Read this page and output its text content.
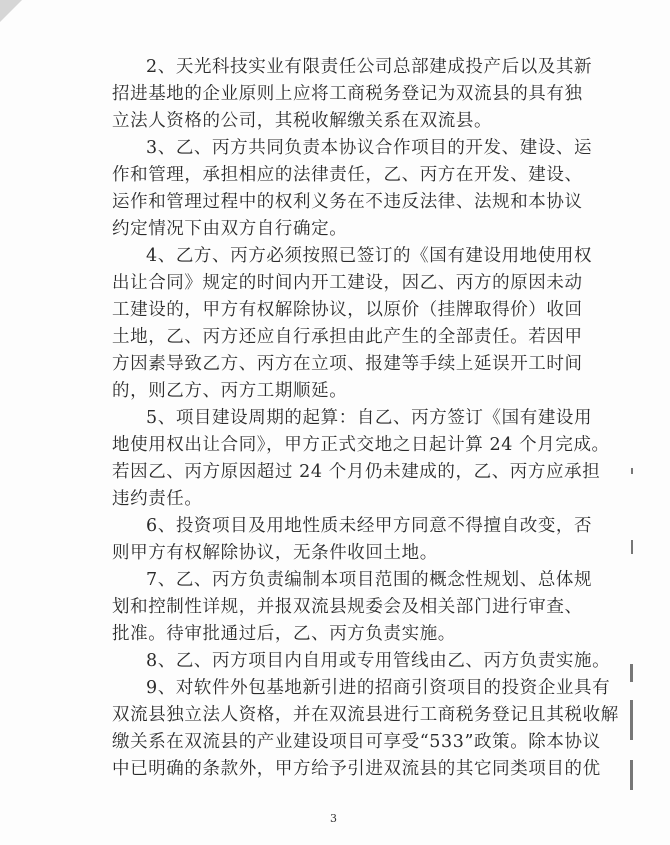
2、天光科技实业有限责任公司总部建成投产后以及其新
招进基地的企业原则上应将工商税务登记为双流县的具有独
立法人资格的公司，其税收解缴关系在双流县。
3、乙、丙方共同负责本协议合作项目的开发、建设、运
作和管理，承担相应的法律责任，乙、丙方在开发、建设、
运作和管理过程中的权利义务在不违反法律、法规和本协议
约定情况下由双方自行确定。
4、乙方、丙方必须按照已签订的《国有建设用地使用权
出让合同》规定的时间内开工建设，因乙、丙方的原因未动
工建设的，甲方有权解除协议，以原价（挂牌取得价）收回
土地，乙、丙方还应自行承担由此产生的全部责任。若因甲
方因素导致乙方、丙方在立项、报建等手续上延误开工时间
的，则乙方、丙方工期顺延。
5、项目建设周期的起算：自乙、丙方签订《国有建设用
地使用权出让合同》，甲方正式交地之日起计算 24 个月完成。
若因乙、丙方原因超过 24 个月仍未建成的，乙、丙方应承担
违约责任。
6、投资项目及用地性质未经甲方同意不得擅自改变，否
则甲方有权解除协议，无条件收回土地。
7、乙、丙方负责编制本项目范围的概念性规划、总体规
划和控制性详规，并报双流县规委会及相关部门进行审查、
批准。待审批通过后，乙、丙方负责实施。
8、乙、丙方项目内自用或专用管线由乙、丙方负责实施。
9、对软件外包基地新引进的招商引资项目的投资企业具有
双流县独立法人资格，并在双流县进行工商税务登记且其税收解
缴关系在双流县的产业建设项目可享受“533”政策。除本协议
中已明确的条款外，甲方给予引进双流县的其它同类项目的优
3
